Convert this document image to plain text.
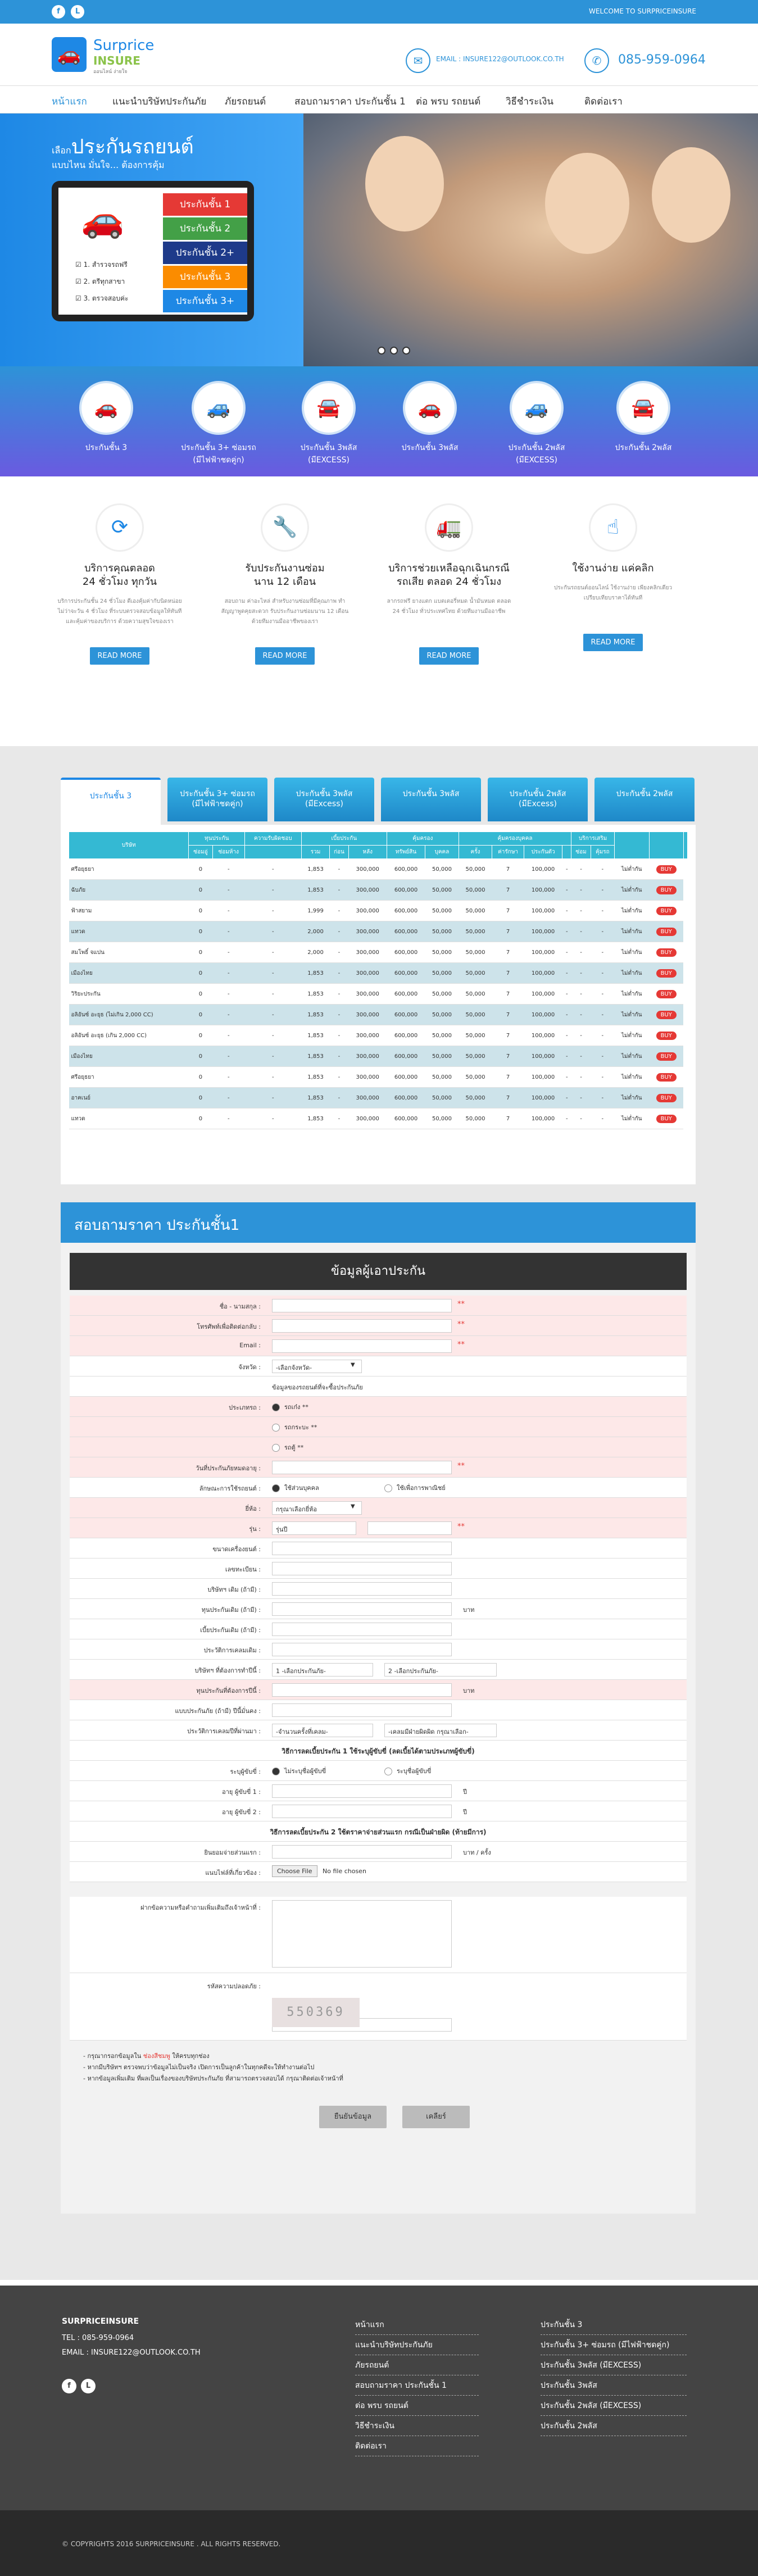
f	L	WELCOME TO SURPRICEINSURE
🚗 Surprice
INSURE
ออนไลน์ ง่ายใจ
✉	EMAIL : INSURE122@OUTLOOK.CO.TH	✆	085-959-0964
หน้าแรก	แนะนำบริษัทประกันภัย ภัยรถยนต์	สอบถามราคา ประกันชั้น 1 ต่อ พรบ รถยนต์	วิธีชำระเงิน	ติดต่อเรา
เลือกประกันรถยนต์
แบบไหน มั่นใจ... ต้องการคุ้ม
🚗
☑ 1. สำรวจรถฟรี
☑ 2. ตรีทุกสาขา
☑ 3. ตรวจสอบค่ะ
ประกันชั้น 1
ประกันชั้น 2
ประกันชั้น 2+
ประกันชั้น 3
ประกันชั้น 3+
🚗
ประกันชั้น 3
🚙
ประกันชั้น 3+ ซ่อมรถ
(มีไฟฟ้าชดคู่ก)
🚘
ประกันชั้น 3พลัส
(มีEXCESS)
🚗
ประกันชั้น 3พลัส
🚙
ประกันชั้น 2พลัส
(มีEXCESS)
🚘
ประกันชั้น 2พลัส
⟳
บริการคุณตลอด
24 ชั่วโมง ทุกวัน

บริการประกันชั้น 24 ชั่วโมง ตีเองคุ้มค่ากับนิดหน่อยไม่ว่าจะวัน 4 ชั่วโมง ที่ระบบตรวจสอบข้อมูลให้ทันที และคุ้มค่าของบริการ ด้วยความสุขใจของเรา

READ MORE
🔧
รับประกันงานซ่อม
นาน 12 เดือน

สอบถาม ค่าอะไหล่ สำหรับงานซ่อมที่มีคุณภาพ ทำสัญญาพูดคุยสะดวก รับประกันงานซ่อมนาน 12 เดือน ด้วยทีมงานมืออาชีพของเรา

READ MORE
🚛
บริการช่วยเหลือฉุกเฉินกรณี
รถเสีย ตลอด 24 ชั่วโมง

ลากรถฟรี ยางแตก แบตเตอรี่หมด น้ำมันหมด ตลอด 24 ชั่วโมง ทั่วประเทศไทย ด้วยทีมงานมืออาชีพ

READ MORE
☝
ใช้งานง่าย แค่คลิก

ประกันรถยนต์ออนไลน์ ใช้งานง่าย เพียงคลิกเดียว เปรียบเทียบราคาได้ทันที

READ MORE
ประกันชั้น 3	ประกันชั้น 3+ ซ่อมรถ
(มีไฟฟ้าชดคู่ก)
ประกันชั้น 3พลัส
(มีExcess)
ประกันชั้น 3พลัส	ประกันชั้น 2พลัส
(มีExcess)
ประกันชั้น 2พลัส
บริษัท	ทุนประกัน		ความรับผิดชอบ	เบี้ยประกัน			คุ้มครอง		คุ้มครองบุคคล				บริการเสริม				
	ซ่อมอู่	ซ่อมห้าง		รวม	ก่อน	หลัง	ทรัพย์สิน	บุคคล	ครั้ง	ค่ารักษา	ประกันตัว		ซ่อม	คุ้มรถ			
ศรีอยุธยา	0	-	-	1,853	-	300,000	600,000	50,000	50,000	7	100,000	-	-	-	ไม่ต่ำกัน	BUY	
ฉับภัย	0	-	-	1,853	-	300,000	600,000	50,000	50,000	7	100,000	-	-	-	ไม่ต่ำกัน	BUY	
ฟ้าสยาม	0	-	-	1,999	-	300,000	600,000	50,000	50,000	7	100,000	-	-	-	ไม่ต่ำกัน	BUY	
แทวด	0	-	-	2,000	-	300,000	600,000	50,000	50,000	7	100,000	-	-	-	ไม่ต่ำกัน	BUY	
สมโพธิ์ จแปน	0	-	-	2,000	-	300,000	600,000	50,000	50,000	7	100,000	-	-	-	ไม่ต่ำกัน	BUY	
เมืองไทย	0	-	-	1,853	-	300,000	600,000	50,000	50,000	7	100,000	-	-	-	ไม่ต่ำกัน	BUY	
วิริยะประกัน	0	-	-	1,853	-	300,000	600,000	50,000	50,000	7	100,000	-	-	-	ไม่ต่ำกัน	BUY	
อลิอันซ์ อะยุธ (ไม่เกิน 2,000 CC)	0	-	-	1,853	-	300,000	600,000	50,000	50,000	7	100,000	-	-	-	ไม่ต่ำกัน	BUY	
อลิอันซ์ อะยุธ (เกิน 2,000 CC)	0	-	-	1,853	-	300,000	600,000	50,000	50,000	7	100,000	-	-	-	ไม่ต่ำกัน	BUY	
เมืองไทย	0	-	-	1,853	-	300,000	600,000	50,000	50,000	7	100,000	-	-	-	ไม่ต่ำกัน	BUY	
ศรีอยุธยา	0	-	-	1,853	-	300,000	600,000	50,000	50,000	7	100,000	-	-	-	ไม่ต่ำกัน	BUY	
อาคเนย์	0	-	-	1,853	-	300,000	600,000	50,000	50,000	7	100,000	-	-	-	ไม่ต่ำกัน	BUY	
แทวด	0	-	-	1,853	-	300,000	600,000	50,000	50,000	7	100,000	-	-	-	ไม่ต่ำกัน	BUY	
สอบถามราคา ประกันชั้น1
ข้อมูลผู้เอาประกัน
ชื่อ - นามสกุล :	**
โทรศัพท์เพื่อติดต่อกลับ :	**
Email :	**
จังหวัด :	-เลือกจังหวัด-	▼
ข้อมูลของรถยนต์ที่จะซื้อประกันภัย
ประเภทรถ :	รถเก๋ง **
รถกระบะ **
รถตู้ **
วันที่ประกันภัยหมดอายุ :	**
ลักษณะการใช้รถยนต์ :	ใช้ส่วนบุคคล	ใช้เพื่อการพาณิชย์
ยี่ห้อ :	กรุณาเลือกยี่ห้อ	▼
รุ่น :	รุ่นปี	**
ขนาดเครื่องยนต์ :
เลขทะเบียน :
บริษัทฯ เดิม (ถ้ามี) :
ทุนประกันเดิม (ถ้ามี) :	บาท
เบี้ยประกันเดิม (ถ้ามี) :
ประวัติการเคลมเดิม :
บริษัทฯ ที่ต้องการทำปีนี้ :	1 -เลือกประกันภัย-	2 -เลือกประกันภัย-
ทุนประกันที่ต้องการปีนี้ :	บาท
แบบประกันภัย (ถ้ามี) ปีนี้มั่นคง :
ประวัติการเคลมปีที่ผ่านมา :	-จำนวนครั้งที่เคลม-	-เคลมมีฝ่ายผิดผิด กรุณาเลือก-
วิธีการลดเบี้ยประกัน 1 ใช้ระบุผู้ขับขี่ (ลดเบี้ยได้ตามประเภทผู้ขับขี่)
ระบุผู้ขับขี่ :	ไม่ระบุชื่อผู้ขับขี่	ระบุชื่อผู้ขับขี่
อายุ ผู้ขับขี่ 1 :	ปี
อายุ ผู้ขับขี่ 2 :	ปี
วิธีการลดเบี้ยประกัน 2 ใช้ตราคาจ่ายส่วนแรก กรณีเป็นฝ่ายผิด (ท้ายมีการ)
ยินยอมจ่ายส่วนแรก :	บาท / ครั้ง
แนบไฟล์ที่เกี่ยวข้อง :	Choose File	No file chosen
ฝากข้อความหรือคำถามเพิ่มเติมถึงเจ้าหน้าที่ :
รหัสความปลอดภัย :
550369
- กรุณากรอกข้อมูลใน ช่องสีชมพู ให้ครบทุกช่อง
- หากมีบริษัทฯ ตรวจพบว่าข้อมูลไม่เป็นจริง เปิดการเป็นลูกค้าในทุกคดีจะให้ทำงานต่อไป
- หากข้อมูลเพิ่มเติม ที่ผลเป็นเรื่องของบริษัทประกันภัย ที่สามารถตรวจสอบได้ กรุณาติดต่อเจ้าหน้าที่
ยืนยันข้อมูล	เคลียร์
SURPRICEINSURE
TEL : 085-959-0964
EMAIL : INSURE122@OUTLOOK.CO.TH
f	L
หน้าแรก
แนะนำบริษัทประกันภัย
ภัยรถยนต์
สอบถามราคา ประกันชั้น 1
ต่อ พรบ รถยนต์
วิธีชำระเงิน
ติดต่อเรา
ประกันชั้น 3
ประกันชั้น 3+ ซ่อมรถ (มีไฟฟ้าชดคู่ก)
ประกันชั้น 3พลัส (มีEXCESS)
ประกันชั้น 3พลัส
ประกันชั้น 2พลัส (มีEXCESS)
ประกันชั้น 2พลัส
© COPYRIGHTS 2016 SURPRICEINSURE . ALL RIGHTS RESERVED.
